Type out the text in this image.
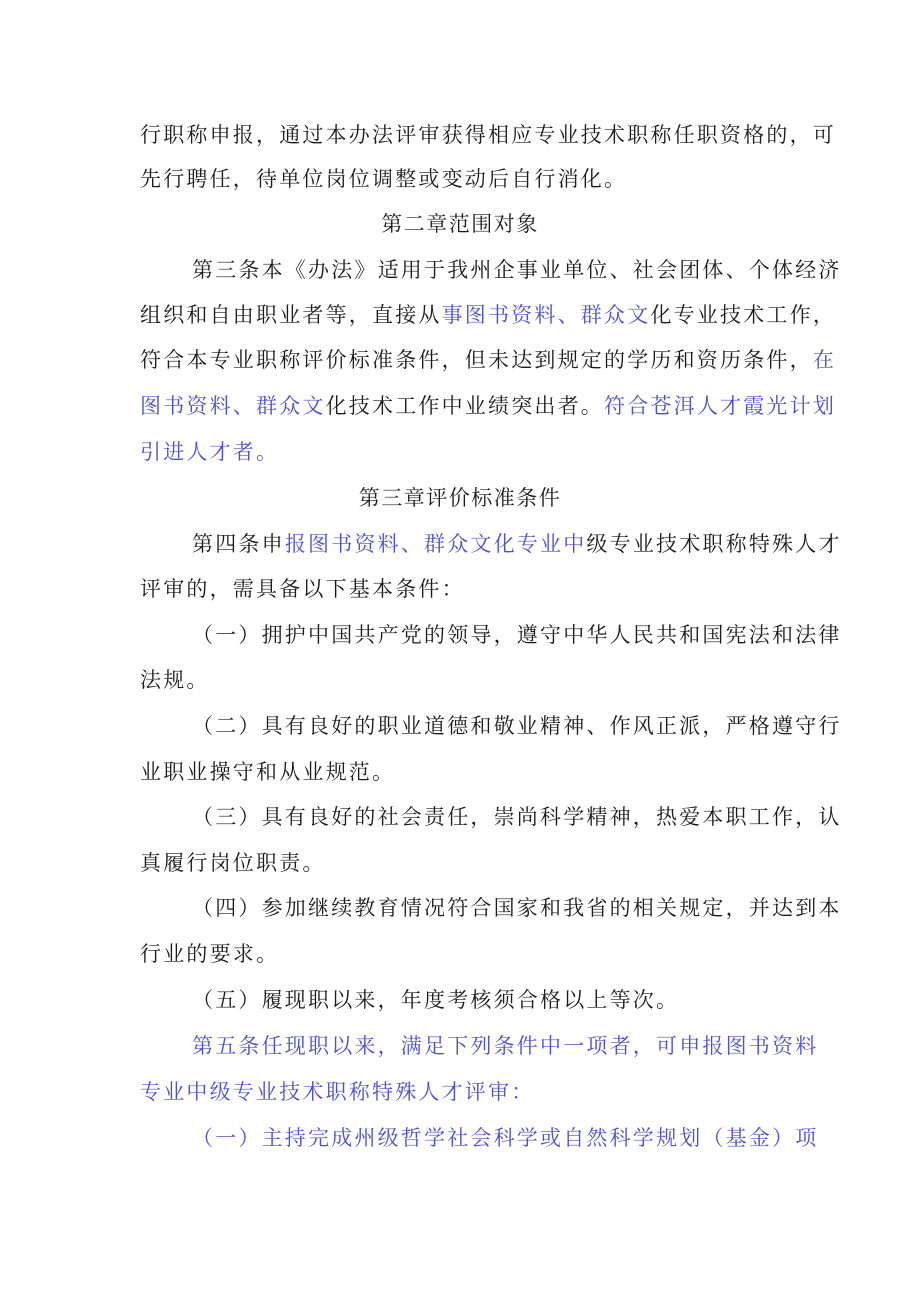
行职称申报，通过本办法评审获得相应专业技术职称任职资格的，可
先行聘任，待单位岗位调整或变动后自行消化。
第二章范围对象
第三条本《办法》适用于我州企事业单位、社会团体、个体经济
组织和自由职业者等，直接从事图书资料、群众文化专业技术工作，
符合本专业职称评价标准条件，但未达到规定的学历和资历条件，在
图书资料、群众文化技术工作中业绩突出者。符合苍洱人才霞光计划
引进人才者。
第三章评价标准条件
第四条申报图书资料、群众文化专业中级专业技术职称特殊人才
评审的，需具备以下基本条件：
（一）拥护中国共产党的领导，遵守中华人民共和国宪法和法律
法规。
（二）具有良好的职业道德和敬业精神、作风正派，严格遵守行
业职业操守和从业规范。
（三）具有良好的社会责任，崇尚科学精神，热爱本职工作，认
真履行岗位职责。
（四）参加继续教育情况符合国家和我省的相关规定，并达到本
行业的要求。
（五）履现职以来，年度考核须合格以上等次。
第五条任现职以来，满足下列条件中一项者，可申报图书资料
专业中级专业技术职称特殊人才评审：
（一）主持完成州级哲学社会科学或自然科学规划（基金）项
